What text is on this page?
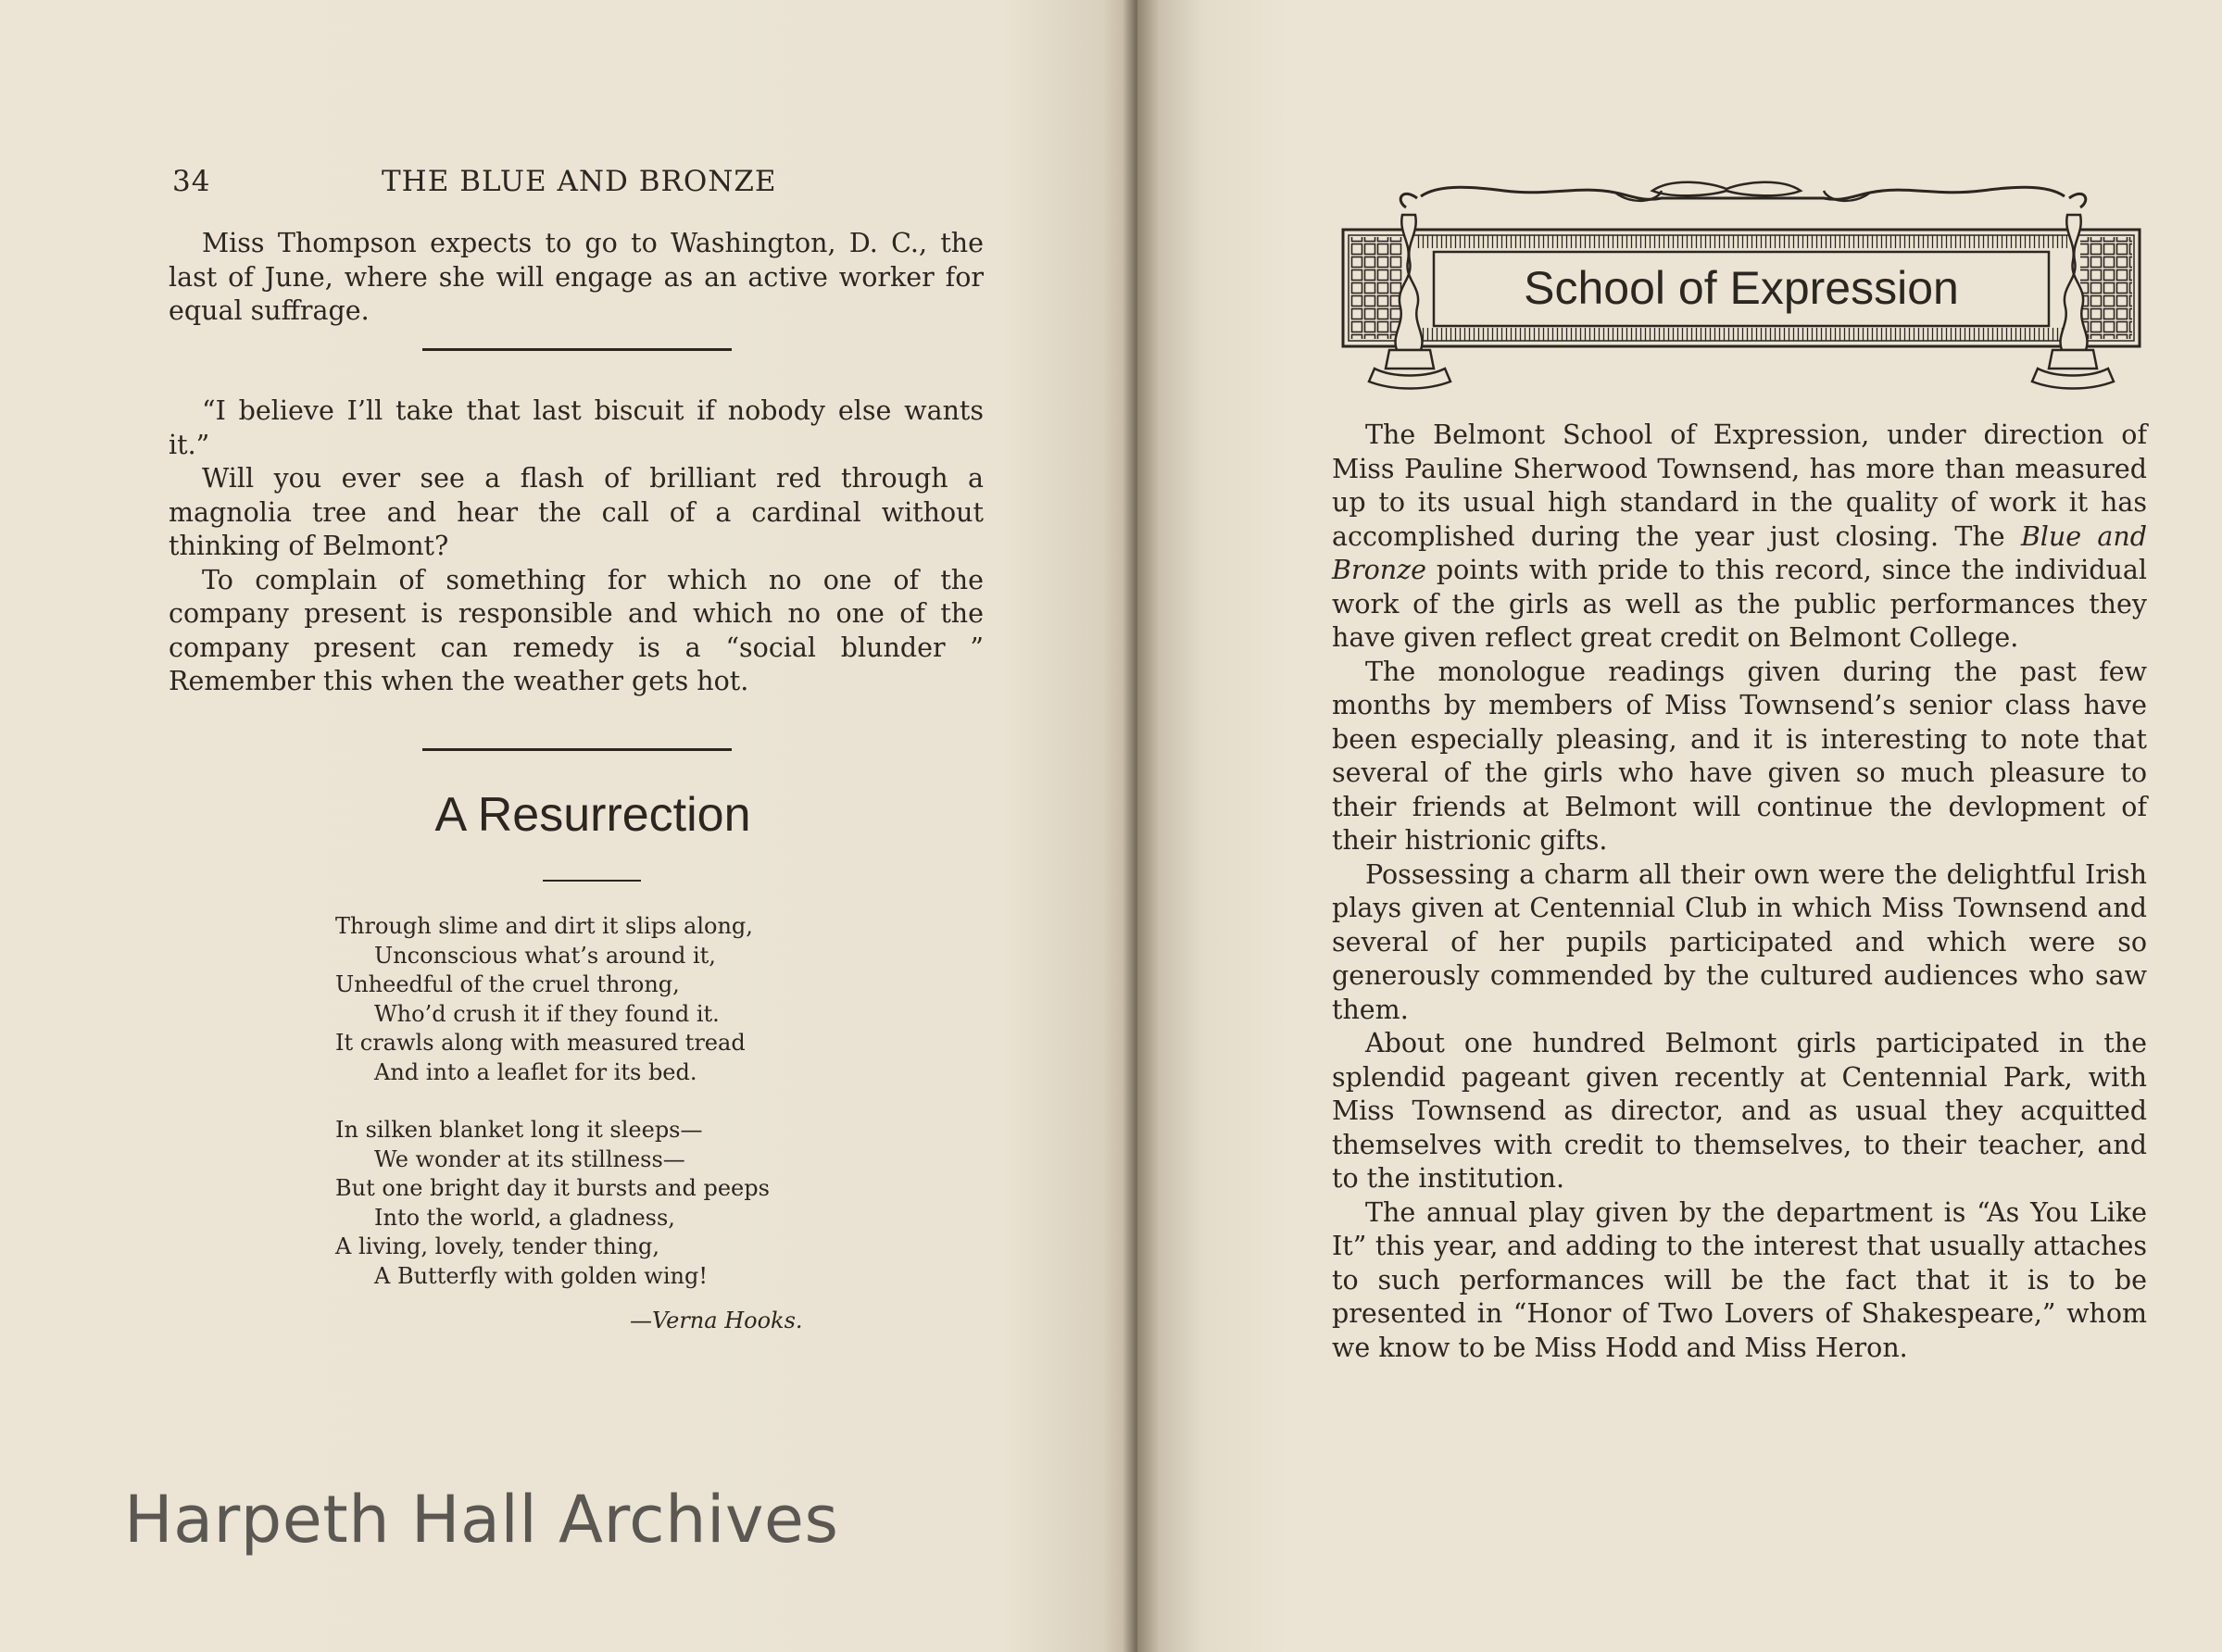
34	THE BLUE AND BRONZE

Miss Thompson expects to go to Washington, D. C., the last of June, where she will engage as an active worker for equal suffrage.

“I believe I’ll take that last biscuit if nobody else wants it.”

Will you ever see a flash of brilliant red through a magnolia tree and hear the call of a cardinal without thinking of Belmont?

To complain of something for which no one of the company present is responsible and which no one of the company present can remedy is a “social blunder ” Remember this when the weather gets hot.

A Resurrection
Through slime and dirt it slips along,
Unconscious what’s around it,
Unheedful of the cruel throng,
Who’d crush it if they found it.
It crawls along with measured tread
And into a leaflet for its bed.
In silken blanket long it sleeps—
We wonder at its stillness—
But one bright day it bursts and peeps
Into the world, a gladness,
A living, lovely, tender thing,
A Butterfly with golden wing!
—Verna Hooks.
Harpeth Hall Archives
School of Expression

The Belmont School of Expression, under direction of Miss Pauline Sherwood Townsend, has more than measured up to its usual high standard in the quality of work it has accomplished during the year just closing. The Blue and Bronze points with pride to this record, since the individual work of the girls as well as the public performances they have given reflect great credit on Belmont College.

The monologue readings given during the past few months by members of Miss Townsend’s senior class have been especially pleasing, and it is interesting to note that several of the girls who have given so much pleasure to their friends at Belmont will continue the devlopment of their histrionic gifts.

Possessing a charm all their own were the delightful Irish plays given at Centennial Club in which Miss Townsend and several of her pupils participated and which were so generously commended by the cultured audiences who saw them.

About one hundred Belmont girls participated in the splendid pageant given recently at Centennial Park, with Miss Townsend as director, and as usual they acquitted themselves with credit to themselves, to their teacher, and to the institution.

The annual play given by the department is “As You Like It” this year, and adding to the interest that usually attaches to such performances will be the fact that it is to be presented in “Honor of Two Lovers of Shakespeare,” whom we know to be Miss Hodd and Miss Heron.
